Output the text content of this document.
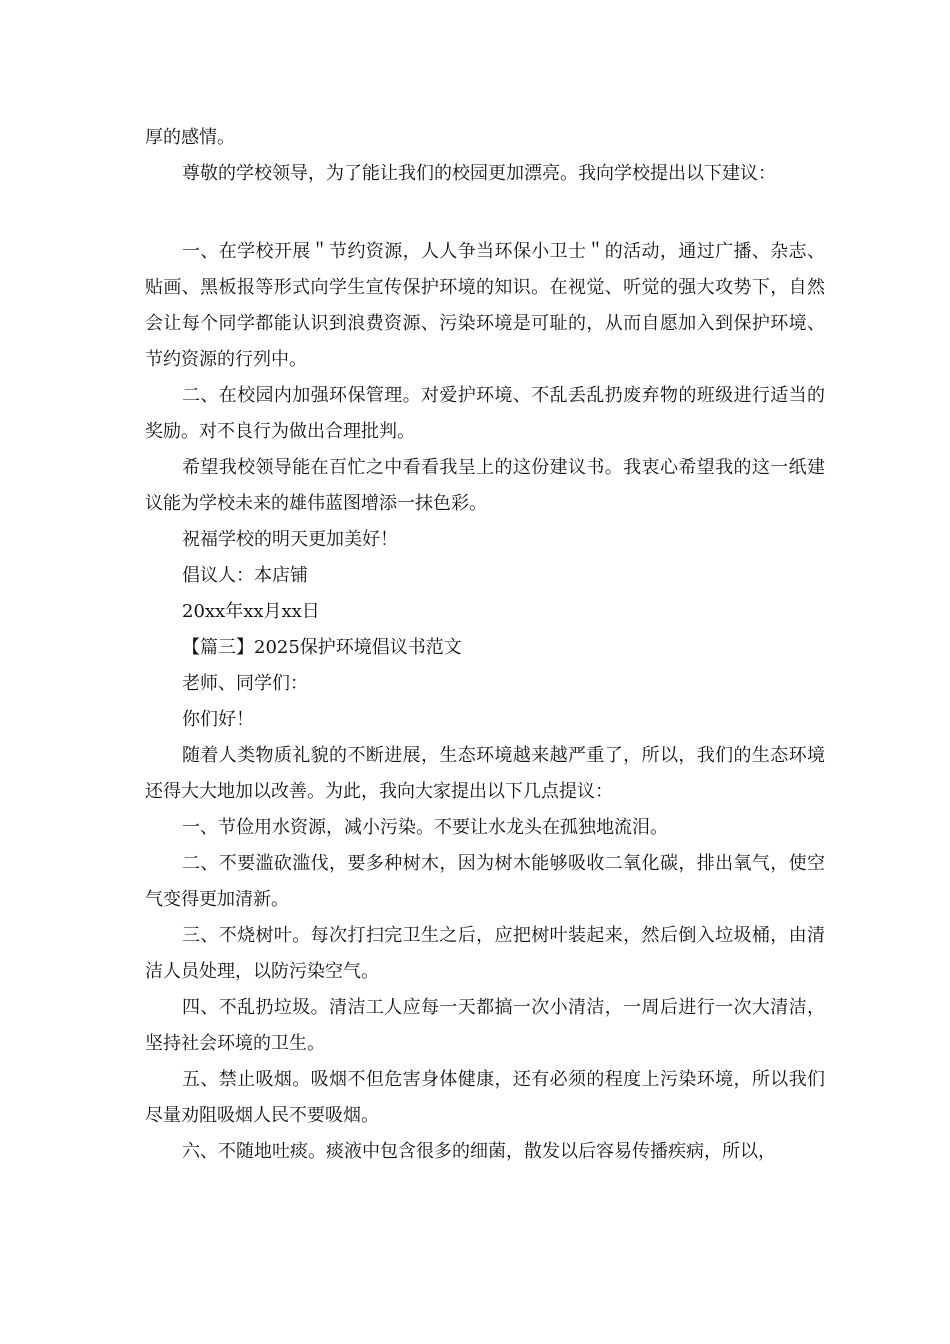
厚的感情。

尊敬的学校领导，为了能让我们的校园更加漂亮。我向学校提出以下建议：

一、在学校开展＂节约资源，人人争当环保小卫士＂的活动，通过广播、杂志、贴画、黑板报等形式向学生宣传保护环境的知识。在视觉、听觉的强大攻势下，自然会让每个同学都能认识到浪费资源、污染环境是可耻的，从而自愿加入到保护环境、节约资源的行列中。

二、在校园内加强环保管理。对爱护环境、不乱丢乱扔废弃物的班级进行适当的奖励。对不良行为做出合理批判。

希望我校领导能在百忙之中看看我呈上的这份建议书。我衷心希望我的这一纸建议能为学校未来的雄伟蓝图增添一抹色彩。

祝福学校的明天更加美好！

倡议人：本店铺

20xx年xx月xx日

【篇三】2025保护环境倡议书范文

老师、同学们：

你们好！

随着人类物质礼貌的不断进展，生态环境越来越严重了，所以，我们的生态环境还得大大地加以改善。为此，我向大家提出以下几点提议：

一、节俭用水资源，减小污染。不要让水龙头在孤独地流泪。

二、不要滥砍滥伐，要多种树木，因为树木能够吸收二氧化碳，排出氧气，使空气变得更加清新。

三、不烧树叶。每次打扫完卫生之后，应把树叶装起来，然后倒入垃圾桶，由清洁人员处理，以防污染空气。

四、不乱扔垃圾。清洁工人应每一天都搞一次小清洁，一周后进行一次大清洁，坚持社会环境的卫生。

五、禁止吸烟。吸烟不但危害身体健康，还有必须的程度上污染环境，所以我们尽量劝阻吸烟人民不要吸烟。

六、不随地吐痰。痰液中包含很多的细菌，散发以后容易传播疾病，所以，
